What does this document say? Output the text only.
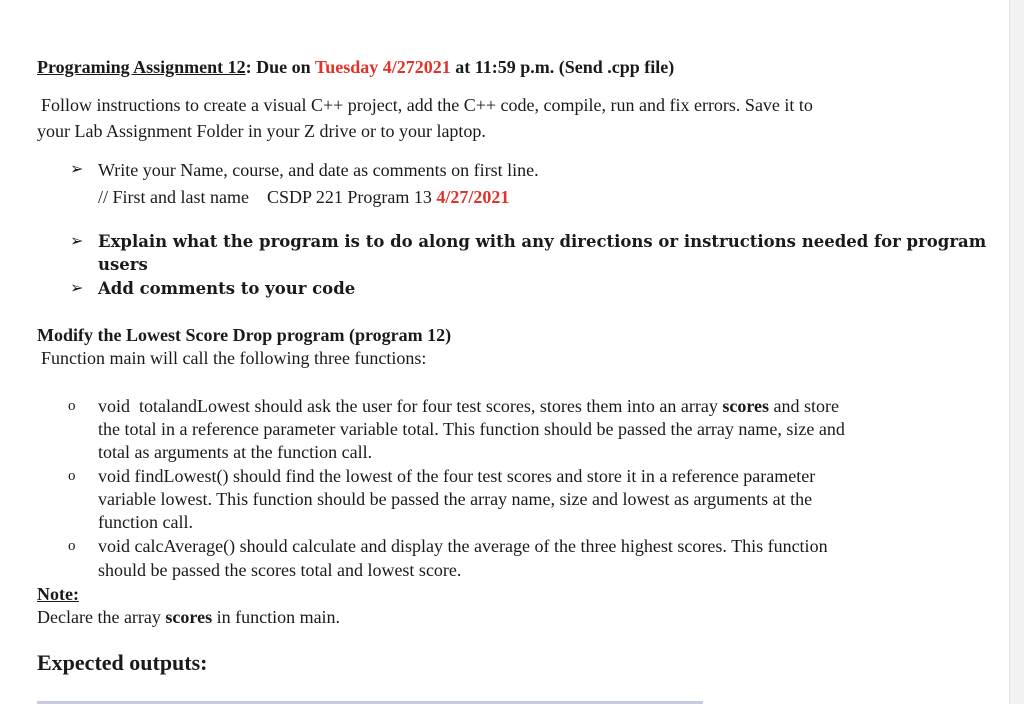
Programing Assignment 12: Due on Tuesday 4/272021 at 11:59 p.m. (Send .cpp file)
Follow instructions to create a visual C++ project, add the C++ code, compile, run and fix errors. Save it to
your Lab Assignment Folder in your Z drive or to your laptop.
➢ Write your Name, course, and date as comments on first line.
// First and last name    CSDP 221 Program 13 4/27/2021
➢ Explain what the program is to do along with any directions or instructions needed for program
users
➢ Add comments to your code
Modify the Lowest Score Drop program (program 12)
Function main will call the following three functions:
o void  totalandLowest should ask the user for four test scores, stores them into an array scores and store
the total in a reference parameter variable total. This function should be passed the array name, size and
total as arguments at the function call.
o void findLowest() should find the lowest of the four test scores and store it in a reference parameter
variable lowest. This function should be passed the array name, size and lowest as arguments at the
function call.
o void calcAverage() should calculate and display the average of the three highest scores. This function
should be passed the scores total and lowest score.
Note:
Declare the array scores in function main.
Expected outputs:
